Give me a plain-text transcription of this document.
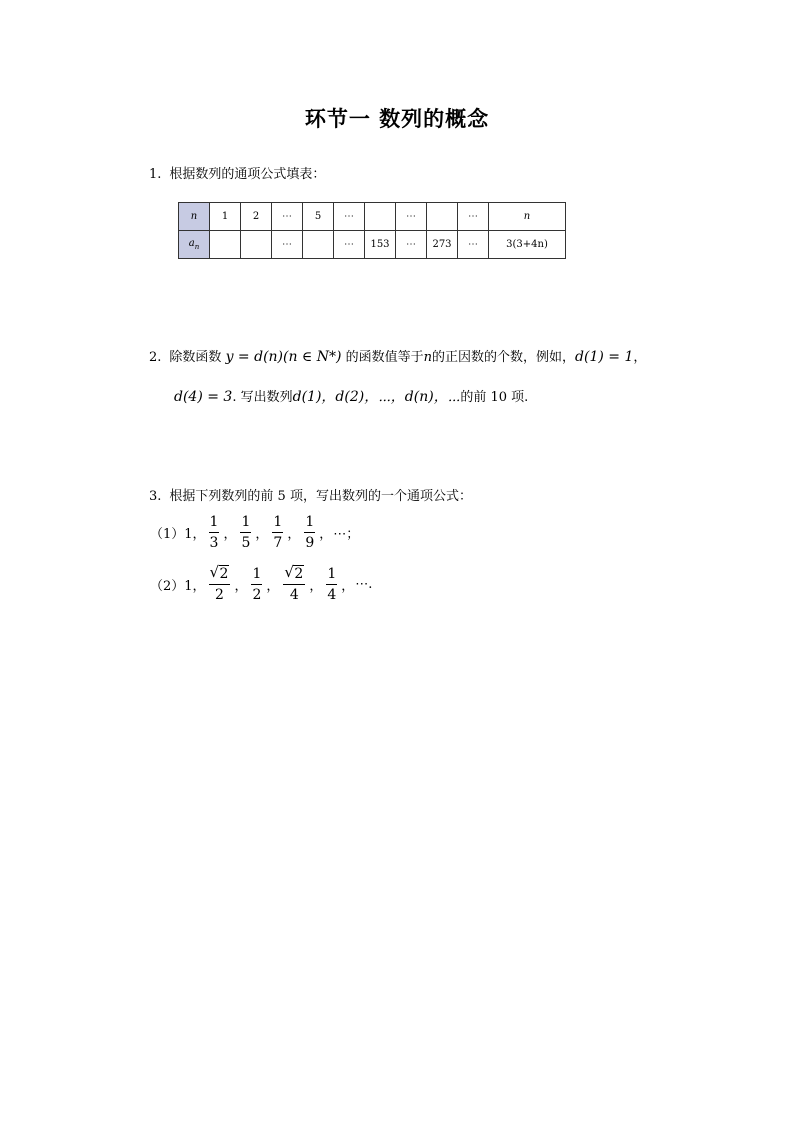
环节一 数列的概念
1. 根据数列的通项公式填表：
n	1	2	⋯	5	⋯		⋯		⋯	n
$a_n$			⋯		⋯	153	⋯	273	⋯	3(3+4n)
2. 除数函数 y = d(n)(n ∈ N*) 的函数值等于n的正因数的个数，例如，d(1) = 1，
d(4) = 3. 写出数列d(1)，d(2)，⋯，d(n)，⋯的前 10 项.
3. 根据下列数列的前 5 项，写出数列的一个通项公式：
（1）1， $\frac{1}{3}$ ， $\frac{1}{5}$ ， $\frac{1}{7}$ ， $\frac{1}{9}$ ， ⋯；
（2）1， $\frac{√ 2}{2}$ ， $\frac{1}{2}$ ， $\frac{√ 2}{4}$ ， $\frac{1}{4}$ ， ⋯.
